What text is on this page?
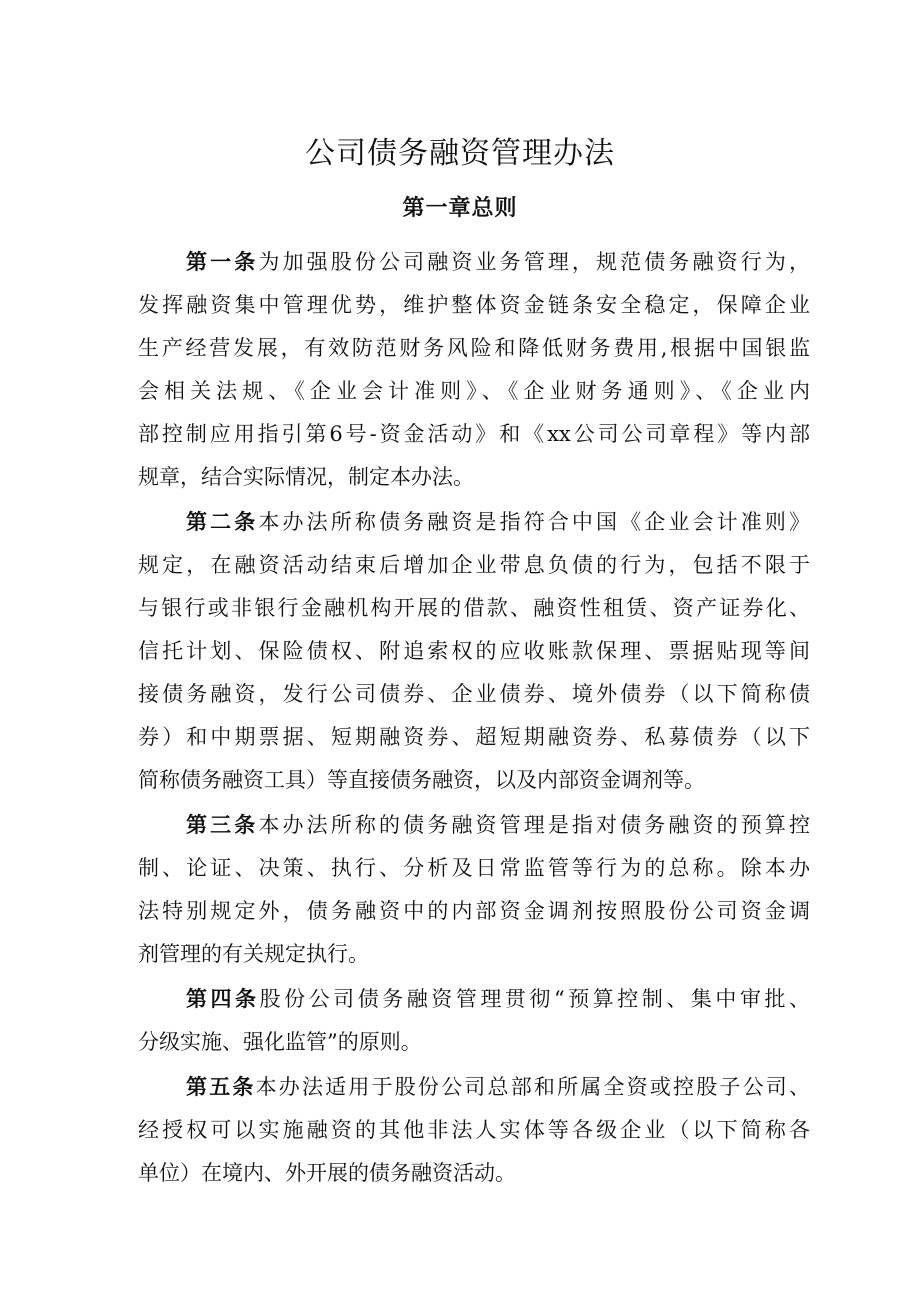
公司债务融资管理办法
第一章总则
第一条为加强股份公司融资业务管理，规范债务融资行为，
发挥融资集中管理优势，维护整体资金链条安全稳定，保障企业
生产经营发展，有效防范财务风险和降低财务费用,根据中国银监
会相关法规、《企业会计准则》、《企业财务通则》、《企业内
部控制应用指引第6号-资金活动》和《xx公司公司章程》等内部
规章，结合实际情况，制定本办法。
第二条本办法所称债务融资是指符合中国《企业会计准则》
规定，在融资活动结束后增加企业带息负债的行为，包括不限于
与银行或非银行金融机构开展的借款、融资性租赁、资产证券化、
信托计划、保险债权、附追索权的应收账款保理、票据贴现等间
接债务融资，发行公司债券、企业债券、境外债券（以下简称债
券）和中期票据、短期融资券、超短期融资券、私募债券（以下
简称债务融资工具）等直接债务融资，以及内部资金调剂等。
第三条本办法所称的债务融资管理是指对债务融资的预算控
制、论证、决策、执行、分析及日常监管等行为的总称。除本办
法特别规定外，债务融资中的内部资金调剂按照股份公司资金调
剂管理的有关规定执行。
第四条股份公司债务融资管理贯彻“预算控制、集中审批、
分级实施、强化监管”的原则。
第五条本办法适用于股份公司总部和所属全资或控股子公司、
经授权可以实施融资的其他非法人实体等各级企业（以下简称各
单位）在境内、外开展的债务融资活动。
